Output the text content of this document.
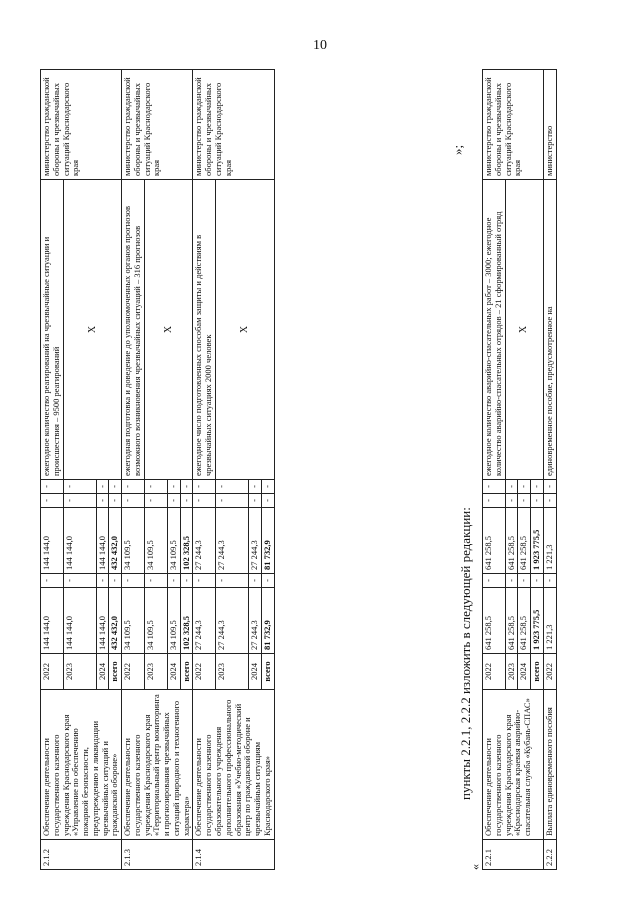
10
2.1.2	Обеспечение деятельности государственного казенного учреждения Краснодарского края «Управление по обеспечению пожарной безопасности, предупреждению и ликвидации чрезвычайных ситуаций и гражданской обороне»	2022	144 144,0	-	144 144,0	-	-	ежегодное количество реагирований на чрезвычайные ситуации и происшествия – 9500 реагирований	министерство гражданской обороны и чрезвычайных ситуаций Краснодарского края
		2023	144 144,0	-	144 144,0	-	-	Х	
		2024	144 144,0	-	144 144,0	-	-		
		всего	432 432,0	-	432 432,0	-	-		
2.1.3	Обеспечение деятельности государственного казенного учреждения Краснодарского края «Территориальный центр мониторинга и прогнозирования чрезвычайных ситуаций природного и техногенного характера»	2022	34 109,5	-	34 109,5	-	-	ежегодная подготовка и доведение до уполномоченных органов прогнозов возможного возникновения чрезвычайных ситуаций – 316 прогнозов	министерство гражданской обороны и чрезвычайных ситуаций Краснодарского края
		2023	34 109,5	-	34 109,5	-	-	Х	
		2024	34 109,5	-	34 109,5	-	-		
		всего	102 328,5	-	102 328,5	-	-		
2.1.4	Обеспечение деятельности государственного казенного образовательного учреждения дополнительного профессионального образования «Учебно-методический центр по гражданской обороне и чрезвычайным ситуациям Краснодарского края»	2022	27 244,3	-	27 244,3	-	-	ежегодное число подготовленных способам защиты и действиям в чрезвычайных ситуациях 2000 человек	министерство гражданской обороны и чрезвычайных ситуаций Краснодарского края
		2023	27 244,3	-	27 244,3	-	-	Х	
		2024	27 244,3	-	27 244,3	-	-		
		всего	81 732,9	-	81 732,9	-	-		
»;
пункты 2.2.1, 2.2.2 изложить в следующей редакции:
«
2.2.1	Обеспечение деятельности государственного казенного учреждения Краснодарского края «Краснодарская краевая аварийно-спасательная служба «Кубань-СПАС»	2022	641 258,5	-	641 258,5	-	-	ежегодное количество аварийно-спасательных работ – 3000; ежегодное количество аварийно-спасательных отрядов – 21 сформированный отряд	министерство гражданской обороны и чрезвычайных ситуаций Краснодарского края
		2023	641 258,5	-	641 258,5	-	-	Х	
		2024	641 258,5	-	641 258,5	-	-		
		всего	1 923 775,5	-	1 923 775,5	-	-		
2.2.2	Выплата единовременного пособия	2022	1 221,3	-	1 221,3	-	-	единовременное пособие, предусмотренное на	министерство
